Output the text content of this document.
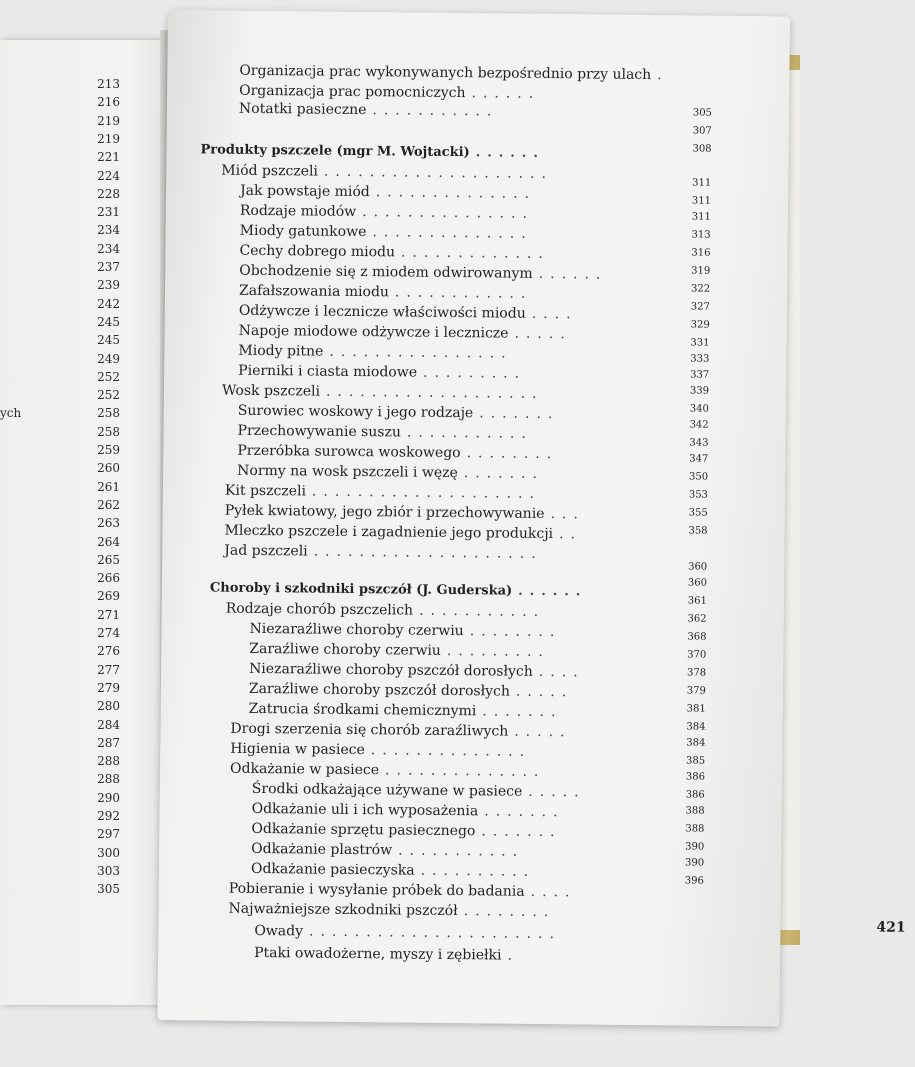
213
216
219
219
221
224
228
231
234
234
237
239
242
245
245
249
252
252
258
258
259
260
261
262
263
264
265
266
269
271
274
276
277
279
280
284
287
288
288
290
292
297
300
303
305
ych
Organizacja prac wykonywanych bezpośrednio przy ulach .
Organizacja prac pomocniczych ......
Notatki pasieczne ...........
Produkty pszczele (mgr M. Wojtacki) ......
Miód pszczeli ....................
Jak powstaje miód ..............
Rodzaje miodów ...............
Miody gatunkowe ..............
Cechy dobrego miodu .............
Obchodzenie się z miodem odwirowanym ......
Zafałszowania miodu ............
Odżywcze i lecznicze właściwości miodu ....
Napoje miodowe odżywcze i lecznicze .....
Miody pitne ................
Pierniki i ciasta miodowe .........
Wosk pszczeli ...................
Surowiec woskowy i jego rodzaje .......
Przechowywanie suszu ...........
Przeróbka surowca woskowego ........
Normy na wosk pszczeli i węzę .......
Kit pszczeli ....................
Pyłek kwiatowy, jego zbiór i przechowywanie ...
Mleczko pszczele i zagadnienie jego produkcji ..
Jad pszczeli ....................
Choroby i szkodniki pszczół (J. Guderska) ......
Rodzaje chorób pszczelich ...........
Niezaraźliwe choroby czerwiu ........
Zaraźliwe choroby czerwiu .........
Niezaraźliwe choroby pszczół dorosłych ....
Zaraźliwe choroby pszczół dorosłych .....
Zatrucia środkami chemicznymi .......
Drogi szerzenia się chorób zaraźliwych .....
Higienia w pasiece ..............
Odkażanie w pasiece ..............
Środki odkażające używane w pasiece .....
Odkażanie uli i ich wyposażenia .......
Odkażanie sprzętu pasiecznego .......
Odkażanie plastrów ...........
Odkażanie pasieczyska ..........
Pobieranie i wysyłanie próbek do badania ....
Najważniejsze szkodniki pszczół ........
Owady ......................
Ptaki owadożerne, myszy i zębiełki .
305
307
308
311
311
311
313
316
319
322
327
329
331
333
337
339
340
342
343
347
350
353
355
358
360
360
361
362
368
370
378
379
381
384
384
385
386
386
388
388
390
390
396
421
